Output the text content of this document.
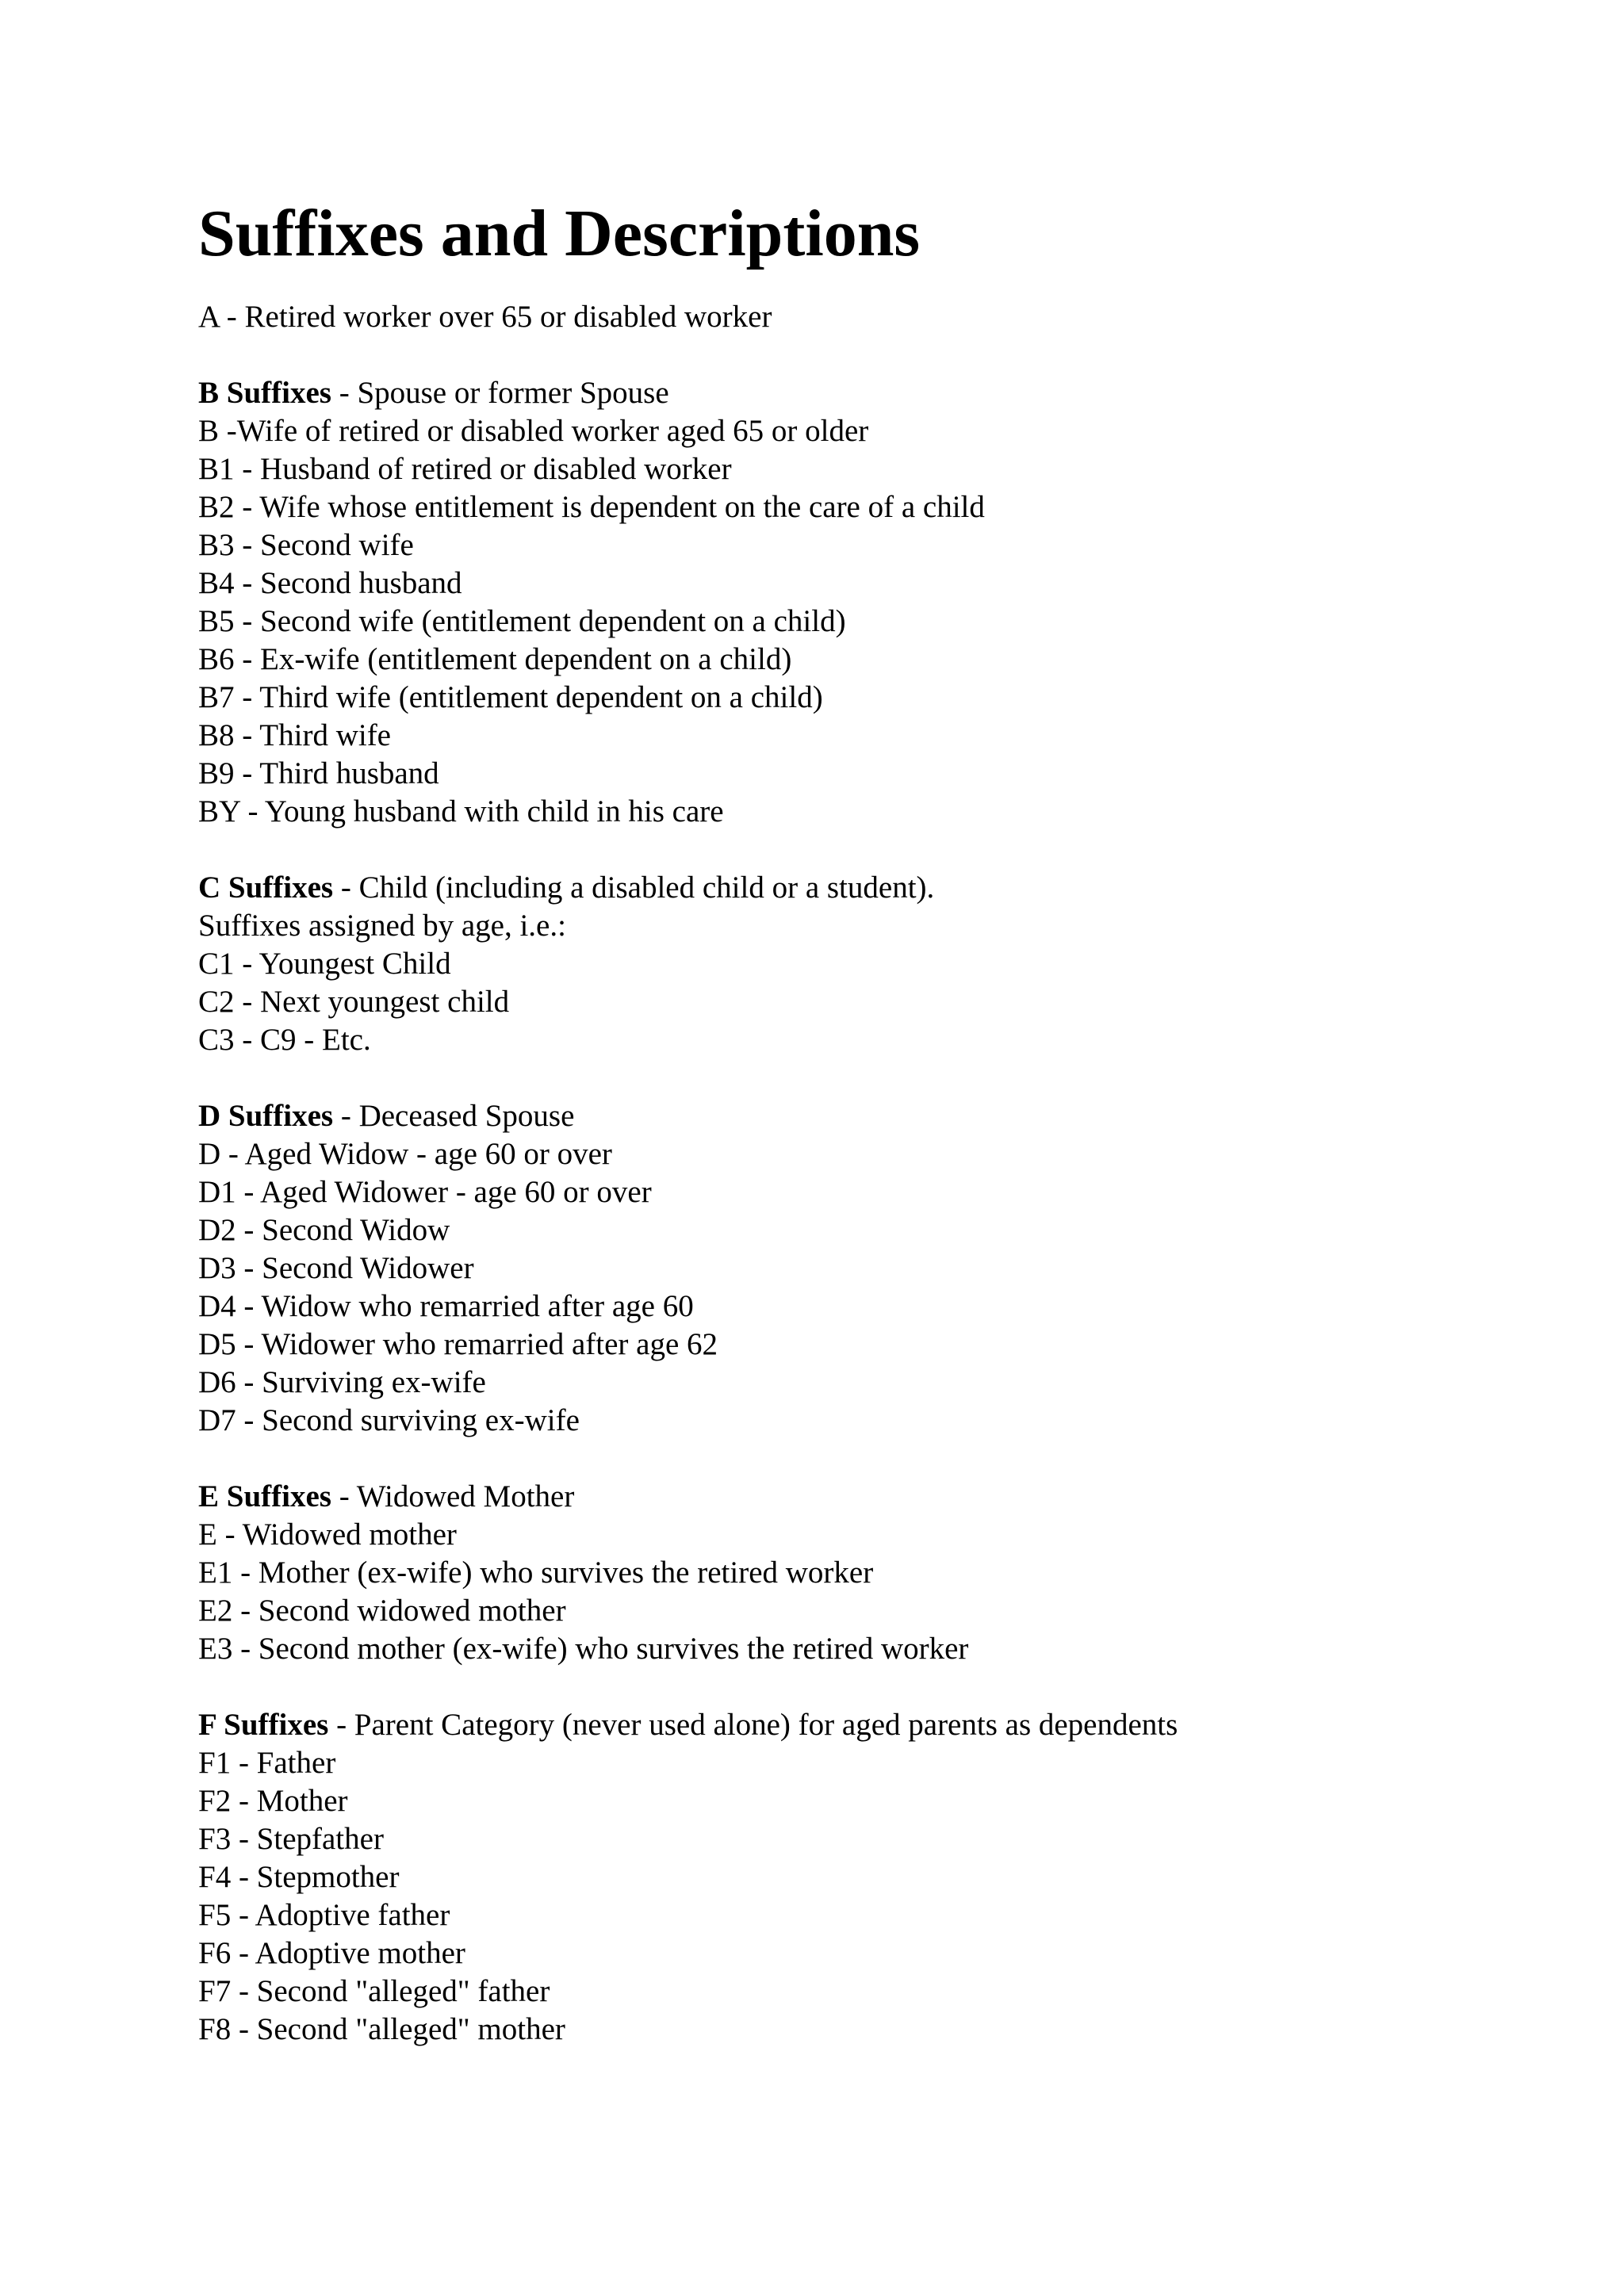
Suffixes and Descriptions
A - Retired worker over 65 or disabled worker
B Suffixes - Spouse or former Spouse
B -Wife of retired or disabled worker aged 65 or older
B1 - Husband of retired or disabled worker
B2 - Wife whose entitlement is dependent on the care of a child
B3 - Second wife
B4 - Second husband
B5 - Second wife (entitlement dependent on a child)
B6 - Ex-wife (entitlement dependent on a child)
B7 - Third wife (entitlement dependent on a child)
B8 - Third wife
B9 - Third husband
BY - Young husband with child in his care
C Suffixes - Child (including a disabled child or a student).
Suffixes assigned by age, i.e.:
C1 - Youngest Child
C2 - Next youngest child
C3 - C9 - Etc.
D Suffixes - Deceased Spouse
D - Aged Widow - age 60 or over
D1 - Aged Widower - age 60 or over
D2 - Second Widow
D3 - Second Widower
D4 - Widow who remarried after age 60
D5 - Widower who remarried after age 62
D6 - Surviving ex-wife
D7 - Second surviving ex-wife
E Suffixes - Widowed Mother
E - Widowed mother
E1 - Mother (ex-wife) who survives the retired worker
E2 - Second widowed mother
E3 - Second mother (ex-wife) who survives the retired worker
F Suffixes - Parent Category (never used alone) for aged parents as dependents
F1 - Father
F2 - Mother
F3 - Stepfather
F4 - Stepmother
F5 - Adoptive father
F6 - Adoptive mother
F7 - Second "alleged" father
F8 - Second "alleged" mother
